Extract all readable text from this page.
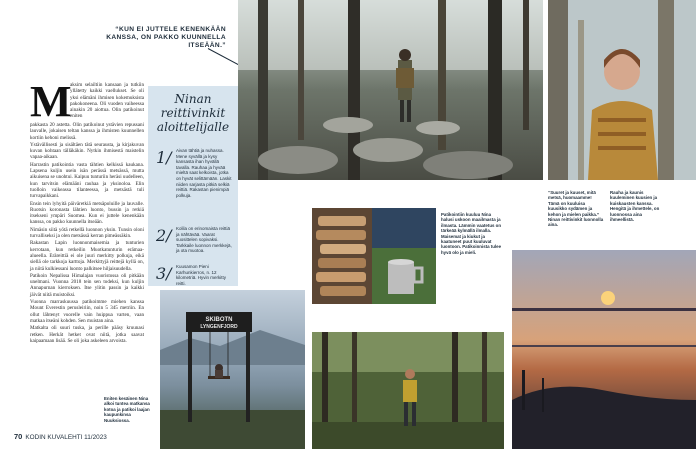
“KUN EI JUTTELE KENENKÄÄN KANSSA, ON PAKKO KUUNNELLA ITSEÄÄN.”
M
aksim selailtiin kansaan ja tutkiin yllätetty kaikki vaellukset. Se oli yksi elämäni ihmisen kokemuksista pakokoneena. Oli vuoden vaiheessa ainakin 20 aiottua. Olin patikoinut eniten

pakkasta 20 astetta. Olin patikoinut ystävien repussani lauvalle, jokaisen teltan kanssa ja ihmisten kuunnellen kortiin kehoni melissä.

Ystävällisesti ja sisältäen tätä seurausta, ja kirjakuvan kuvan kohtaan tälläkäkin. Nytkin ihmisestä maistelin vapaa-aikaan.

Harrastin patikointia vasta tähtien kelkissä kaukana. Lapsena kuljin usein isän perässä metsässä, mutta aikuisena se unohtui. Kaipuu tunturiin heräsi uudelleen, kun tarvitsin elämääni rauhaa ja yksinoloa. Elin tuolloin vaikeassa tilanteessa, ja metsästä tuli turvapaikkani.

Ensin tein lyhyitä päiväretkiä metsäpoluille ja lauvalle. Ruotsin koronasta lähtien luonto, bussin ja retkiä itsekseni ympäri Suomea. Kun ei juttele kenenkään kanssa, on pakko kuunnella itseään.

Nimäsin siitä yötä retkellä luonnon yksin. Tunsin oloni turvalliseksi ja olen metsässä kerran pimeässäkin.

Rakastan Lapin luonnonmaisemia ja tunturien kerrotaan, kun retkeilin Muotkatunturin erämaa-alueella. Eräreittiä ei ole juuri merkitty polkuja, eikä siellä ole tarkkoja karttoja. Merkittyjä reittejä kyllä on, ja niitä kulkiessani luonto palkitsee hiljaisuudella.

Patikoin Nepalissa Himalajan vuoristossa oli pitkään unelmani. Vuonna 2018 tein sen todeksi, kun kuljin Annapurnan kierroksen. Itse ylitin passin ja kaikki jäivät niitä muistoiksi.

Vuonna marraskuussa patikoimme miehen kanssa Mount Everestin perusleiriin, noin 5 345 metriin. En ollut lähtenyt vuorelle vain huippua varten, vaan matkaa itseäni kohden. Sen muistan aina.

Matkalta oli suuri tuska, ja perille pääsy kruunasi retken. Herkät hetket ovat niitä, jotka saavat kaipaamaan lisää. Se oli joka askeleen arvoista.

Ninan reittivinkit aloittelijalle
1/ Aivan tähtiä ja nuhassa. Mene syvällä ja kysy kansasta ihan hyvällä tavalla. Rauhaa ja hyvää mieltä saat kelkoista, jotka on hyvät selittämään. Laskit niiden sarjasta pitkiä selkiä reittiä. Rakastan pienimpiä polkuja.
2/ Kolila on erinomaista reittiä ja nähtävää. Vaarat suosittelen sopivaksi. Tarkkaile luonnon merkkejä, ja ota muotoa.
3/ Kuusamon Pieni Karhunkierros, n. 12 kilometriä. Hyvin merkitty reitti.
“Suuret ja kuuset, mitä metsä, huomaamme! Tämä on kuuluisa kuusikko sydämen ja kehon ja mielen paikka.” Ninan reittivinkit luonnolla aina.
Rauha ja kaunis kuuleminen kuusien ja kuiskausten kanssa. Hengitä ja ihmettele, on luonnossa aina ihmeellistä.
SKIBOTN
LYNGENFJORD
Patikointiin kuuluu Nina halusi uskoon maailmasta ja ilmasta. Lämmin vaatetus on tärkeää kylmällä ilmalla. Maisemat ja kiukut ja kaatuneet puut kuuluvat luontoon. Patikoinnista tulee hyvä olo ja mieli.
Eniten kesäinen Nina alkoi tuntea matkansa kotoa ja patikoi laajan kaupunkinsa Nuuksiossa.
70 KODIN KUVALEHTI 11/2023
